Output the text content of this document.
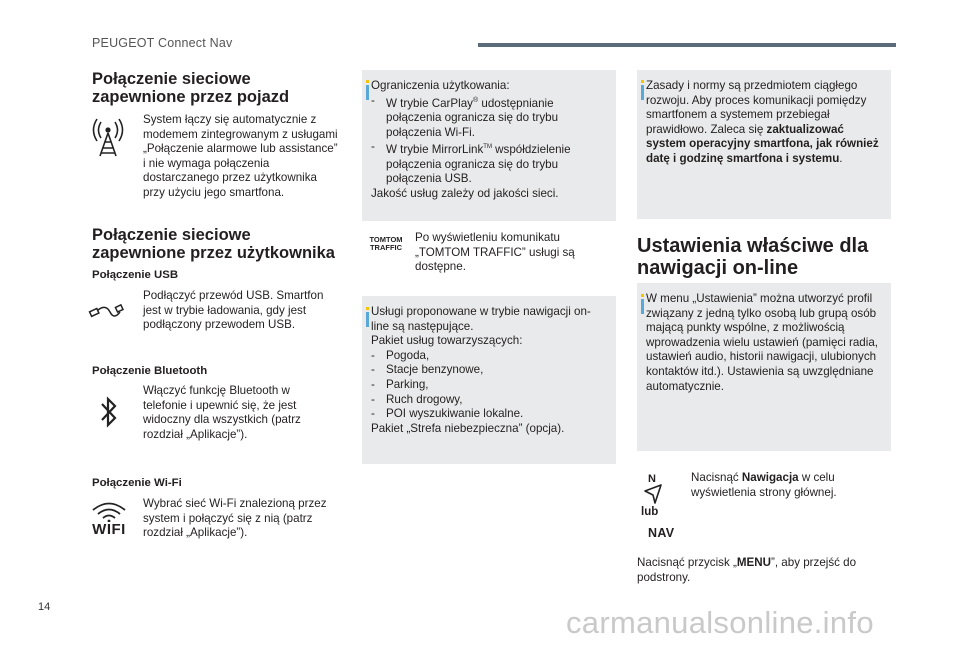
PEUGEOT Connect Nav
Połączenie sieciowe zapewnione przez pojazd
System łączy się automatycznie z modemem zintegrowanym z usługami „Połączenie alarmowe lub assistance” i nie wymaga połączenia dostarczanego przez użytkownika przy użyciu jego smartfona.
Połączenie sieciowe zapewnione przez użytkownika
Połączenie USB
Podłączyć przewód USB. Smartfon jest w trybie ładowania, gdy jest podłączony przewodem USB.
Połączenie Bluetooth
Włączyć funkcję Bluetooth w telefonie i upewnić się, że jest widoczny dla wszystkich (patrz rozdział „Aplikacje”).
Połączenie Wi-Fi
WIFI
Wybrać sieć Wi-Fi znalezioną przez system i połączyć się z nią (patrz rozdział „Aplikacje”).
Ograniczenia użytkowania:
- W trybie CarPlay® udostępnianie połączenia ogranicza się do trybu połączenia Wi-Fi.
- W trybie MirrorLink™ współdzielenie połączenia ogranicza się do trybu połączenia USB.
Jakość usług zależy od jakości sieci.
TOMTOM TRAFFIC
Po wyświetleniu komunikatu „TOMTOM TRAFFIC” usługi są dostępne.
Usługi proponowane w trybie nawigacji on-line są następujące.
Pakiet usług towarzyszących:
- Pogoda,
- Stacje benzynowe,
- Parking,
- Ruch drogowy,
- POI wyszukiwanie lokalne.
Pakiet „Strefa niebezpieczna” (opcja).
Zasady i normy są przedmiotem ciągłego rozwoju. Aby proces komunikacji pomiędzy smartfonem a systemem przebiegał prawidłowo. Zaleca się zaktualizować system operacyjny smartfona, jak również datę i godzinę smartfona i systemu.
Ustawienia właściwe dla nawigacji on-line
W menu „Ustawienia” można utworzyć profil związany z jedną tylko osobą lub grupą osób mającą punkty wspólne, z możliwością wprowadzenia wielu ustawień (pamięci radia, ustawień audio, historii nawigacji, ulubionych kontaktów itd.). Ustawienia są uwzględniane automatycznie.
N
lub
NAV
Nacisnąć Nawigacja w celu wyświetlenia strony głównej.
Nacisnąć przycisk „MENU”, aby przejść do podstrony.
14	carmanualsonline.info
